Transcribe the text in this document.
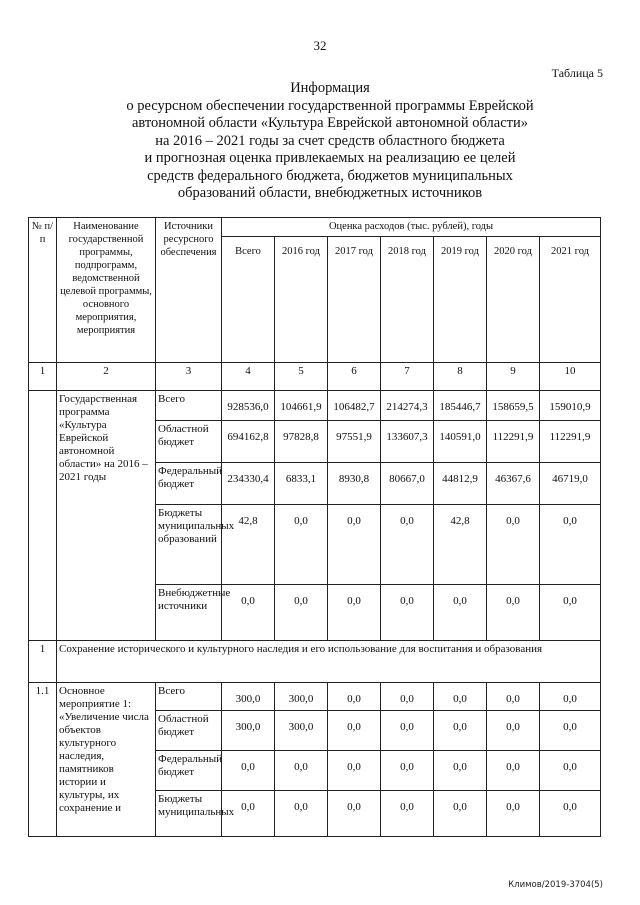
32
Таблица 5
Информация
о ресурсном обеспечении государственной программы Еврейской
автономной области «Культура Еврейской автономной области»
на 2016 – 2021 годы за счет средств областного бюджета
и прогнозная оценка привлекаемых на реализацию ее целей
средств федерального бюджета, бюджетов муниципальных
образований области, внебюджетных источников
№ п/п	Наименование государственной программы, подпрограмм, ведомственной целевой программы, основного мероприятия, мероприятия	Источники ресурсного обеспечения	Оценка расходов (тыс. рублей), годы						
			Всего	2016 год	2017 год	2018 год	2019 год	2020 год	2021 год
1	2	3	4	5	6	7	8	9	10
	Государственная программа «Культура Еврейской автономной области» на 2016 – 2021 годы	Всего	928536,0	104661,9	106482,7	214274,3	185446,7	158659,5	159010,9
		Областной бюджет	694162,8	97828,8	97551,9	133607,3	140591,0	112291,9	112291,9
		Федеральный бюджет	234330,4	6833,1	8930,8	80667,0	44812,9	46367,6	46719,0
		Бюджеты муниципальных образований	42,8	0,0	0,0	0,0	42,8	0,0	0,0
		Внебюджетные источники	0,0	0,0	0,0	0,0	0,0	0,0	0,0
1	Сохранение исторического и культурного наследия и его использование для воспитания и образования								
1.1	Основное мероприятие 1: «Увеличение числа объектов культурного наследия, памятников истории и культуры, их сохранение и	Всего	300,0	300,0	0,0	0,0	0,0	0,0	0,0
		Областной бюджет	300,0	300,0	0,0	0,0	0,0	0,0	0,0
		Федеральный бюджет	0,0	0,0	0,0	0,0	0,0	0,0	0,0
		Бюджеты муниципальных	0,0	0,0	0,0	0,0	0,0	0,0	0,0
Климов/2019-3704(5)
